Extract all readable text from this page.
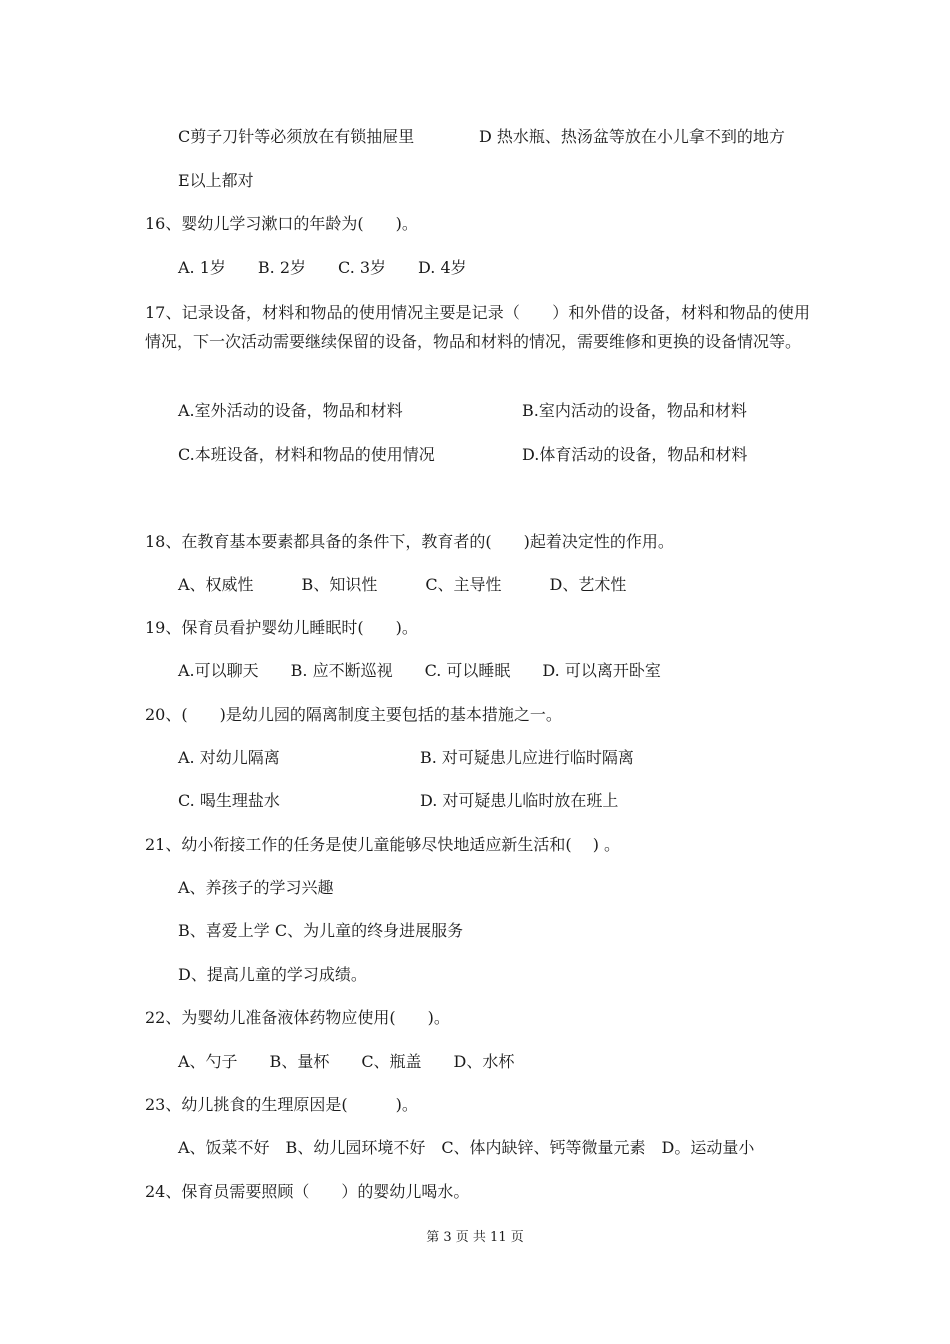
C剪子刀针等必须放在有锁抽屉里	D 热水瓶、热汤盆等放在小儿拿不到的地方
E以上都对
16、婴幼儿学习漱口的年龄为(　　)。
A. 1岁　　B. 2岁　　C. 3岁　　D. 4岁
17、记录设备，材料和物品的使用情况主要是记录（　　）和外借的设备，材料和物品的使用情况，下一次活动需要继续保留的设备，物品和材料的情况，需要维修和更换的设备情况等。
A.室外活动的设备，物品和材料	B.室内活动的设备，物品和材料
C.本班设备，材料和物品的使用情况	D.体育活动的设备，物品和材料
18、在教育基本要素都具备的条件下，教育者的(　　)起着决定性的作用。
A、权威性　　　B、知识性　　　C、主导性　　　D、艺术性
19、保育员看护婴幼儿睡眠时(　　)。
A.可以聊天　　B. 应不断巡视　　C. 可以睡眠　　D. 可以离开卧室
20、(　　)是幼儿园的隔离制度主要包括的基本措施之一。
A. 对幼儿隔离	B. 对可疑患儿应进行临时隔离
C. 喝生理盐水	D. 对可疑患儿临时放在班上
21、幼小衔接工作的任务是使儿童能够尽快地适应新生活和(　 ) 。
A、养孩子的学习兴趣
B、喜爱上学 C、为儿童的终身进展服务
D、提高儿童的学习成绩。
22、为婴幼儿准备液体药物应使用(　　)。
A、勺子　　B、量杯　　C、瓶盖　　D、水杯
23、幼儿挑食的生理原因是(　　　)。
A、饭菜不好　B、幼儿园环境不好　C、体内缺锌、钙等微量元素　D。运动量小
24、保育员需要照顾（　　）的婴幼儿喝水。
第 3 页 共 11 页
